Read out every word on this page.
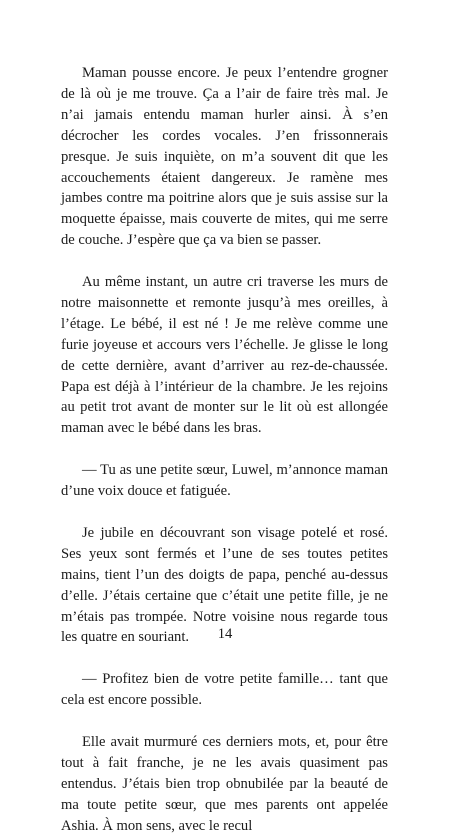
Maman pousse encore. Je peux l’entendre grogner de là où je me trouve. Ça a l’air de faire très mal. Je n’ai jamais entendu maman hurler ainsi. À s’en décrocher les cordes vocales. J’en frissonnerais presque. Je suis inquiète, on m’a souvent dit que les accouchements étaient dangereux. Je ramène mes jambes contre ma poitrine alors que je suis assise sur la moquette épaisse, mais couverte de mites, qui me serre de couche. J’espère que ça va bien se passer.

Au même instant, un autre cri traverse les murs de notre maisonnette et remonte jusqu’à mes oreilles, à l’étage. Le bébé, il est né ! Je me relève comme une furie joyeuse et accours vers l’échelle. Je glisse le long de cette dernière, avant d’arriver au rez-de-chaussée. Papa est déjà à l’intérieur de la chambre. Je les rejoins au petit trot avant de monter sur le lit où est allongée maman avec le bébé dans les bras.

— Tu as une petite sœur, Luwel, m’annonce maman d’une voix douce et fatiguée.

Je jubile en découvrant son visage potelé et rosé. Ses yeux sont fermés et l’une de ses toutes petites mains, tient l’un des doigts de papa, penché au-dessus d’elle. J’étais certaine que c’était une petite fille, je ne m’étais pas trompée. Notre voisine nous regarde tous les quatre en souriant.

— Profitez bien de votre petite famille… tant que cela est encore possible.

Elle avait murmuré ces derniers mots, et, pour être tout à fait franche, je ne les avais quasiment pas entendus. J’étais bien trop obnubilée par la beauté de ma toute petite sœur, que mes parents ont appelée Ashia. À mon sens, avec le recul

14
